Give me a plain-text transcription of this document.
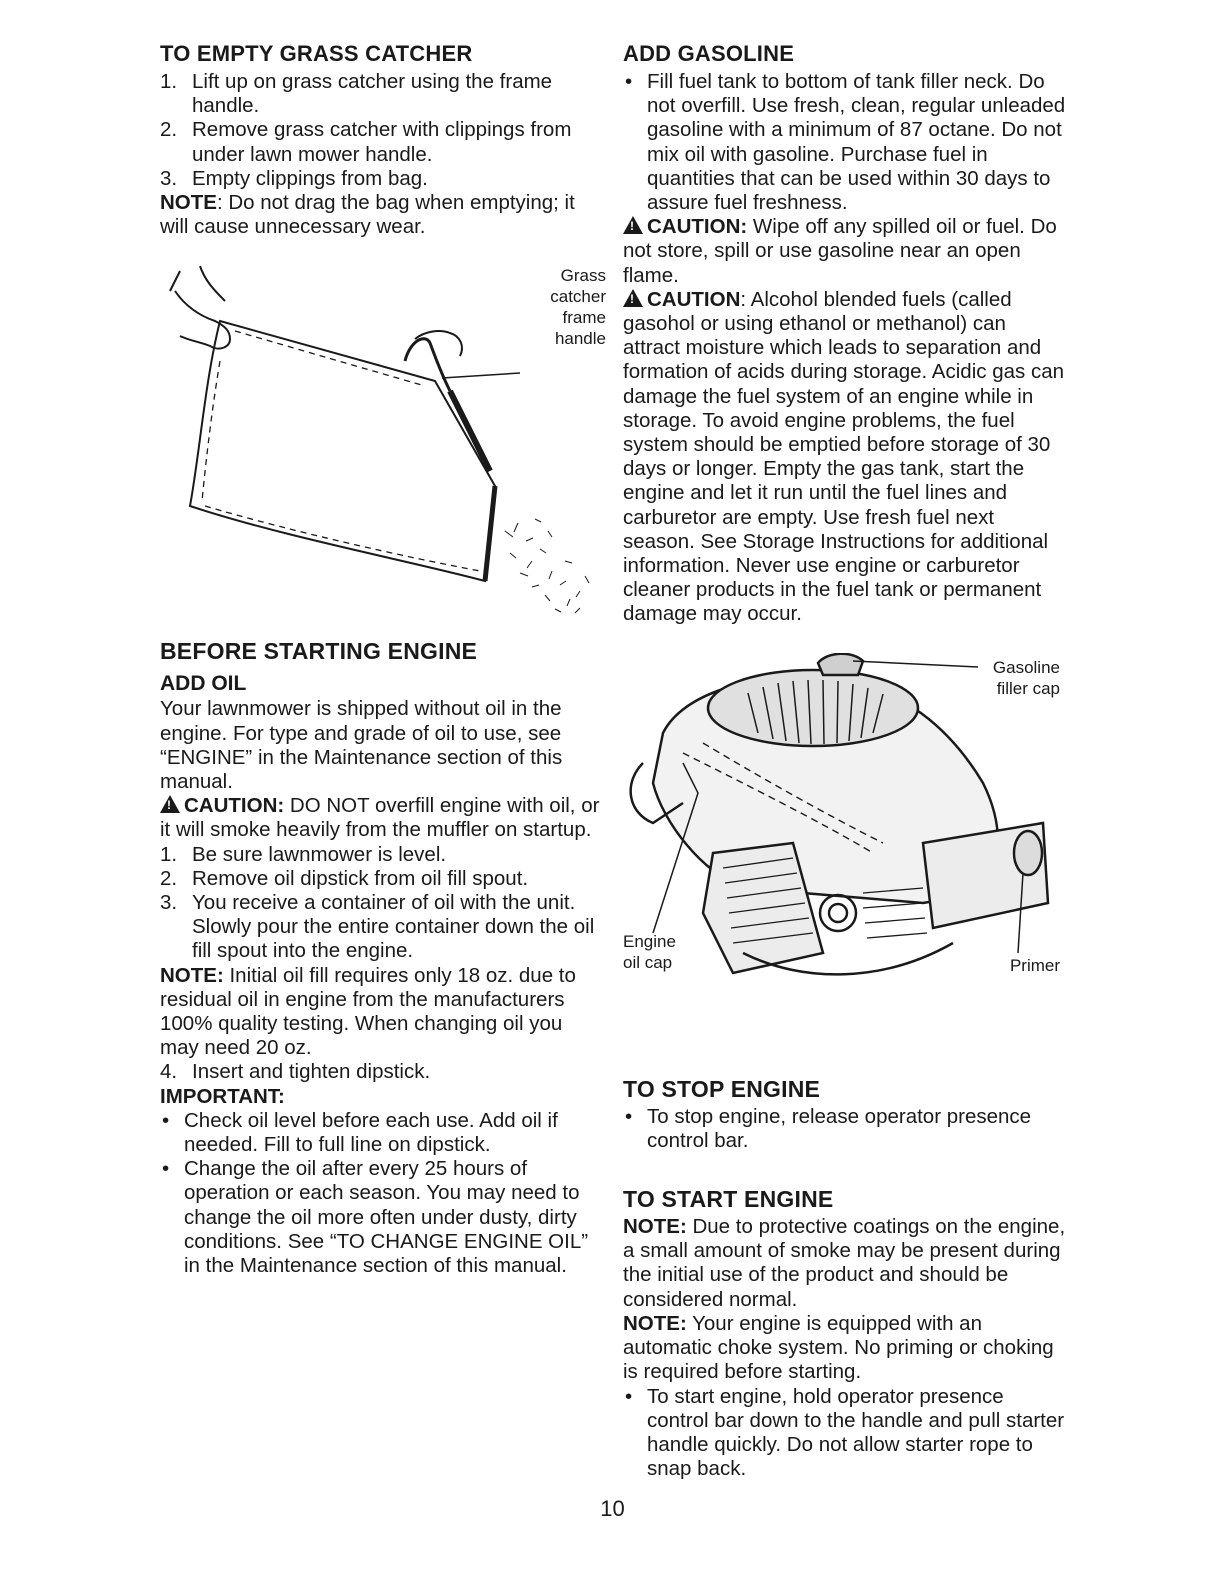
TO EMPTY GRASS CATCHER
1. Lift up on grass catcher using the frame handle.
2. Remove grass catcher with clippings from under lawn mower handle.
3. Empty clippings from bag.
NOTE: Do not drag the bag when emptying; it will cause unnecessary wear.
Grass catcher frame handle
BEFORE STARTING ENGINE
ADD OIL
Your lawnmower is shipped without oil in the engine. For type and grade of oil to use, see “ENGINE” in the Maintenance section of this manual.
!CAUTION: DO NOT overfill engine with oil, or it will smoke heavily from the muffler on startup.
1. Be sure lawnmower is level.
2. Remove oil dipstick from oil fill spout.
3. You receive a container of oil with the unit. Slowly pour the entire container down the oil fill spout into the engine.
NOTE: Initial oil fill requires only 18 oz. due to residual oil in engine from the manufacturers 100% quality testing. When changing oil you may need 20 oz.
4. Insert and tighten dipstick.
IMPORTANT:
• Check oil level before each use. Add oil if needed. Fill to full line on dipstick.
• Change the oil after every 25 hours of operation or each season. You may need to change the oil more often under dusty, dirty conditions. See “TO CHANGE ENGINE OIL” in the Maintenance section of this manual.
ADD GASOLINE
• Fill fuel tank to bottom of tank filler neck. Do not overfill. Use fresh, clean, regular unleaded gasoline with a minimum of 87 octane. Do not mix oil with gasoline. Purchase fuel in quantities that can be used within 30 days to assure fuel freshness.
!CAUTION: Wipe off any spilled oil or fuel. Do not store, spill or use gasoline near an open flame.
!CAUTION: Alcohol blended fuels (called gasohol or using ethanol or methanol) can attract moisture which leads to separation and formation of acids during storage. Acidic gas can damage the fuel system of an engine while in storage. To avoid engine problems, the fuel system should be emptied before storage of 30 days or longer. Empty the gas tank, start the engine and let it run until the fuel lines and carburetor are empty. Use fresh fuel next season. See Storage Instructions for additional information. Never use engine or carburetor cleaner products in the fuel tank or permanent damage may occur.
Gasoline filler cap
Engine oil cap	Primer
TO STOP ENGINE
• To stop engine, release operator presence control bar.
TO START ENGINE
NOTE: Due to protective coatings on the engine, a small amount of smoke may be present during the initial use of the product and should be considered normal.
NOTE: Your engine is equipped with an automatic choke system. No priming or choking is required before starting.
• To start engine, hold operator presence control bar down to the handle and pull starter handle quickly. Do not allow starter rope to snap back.
10
